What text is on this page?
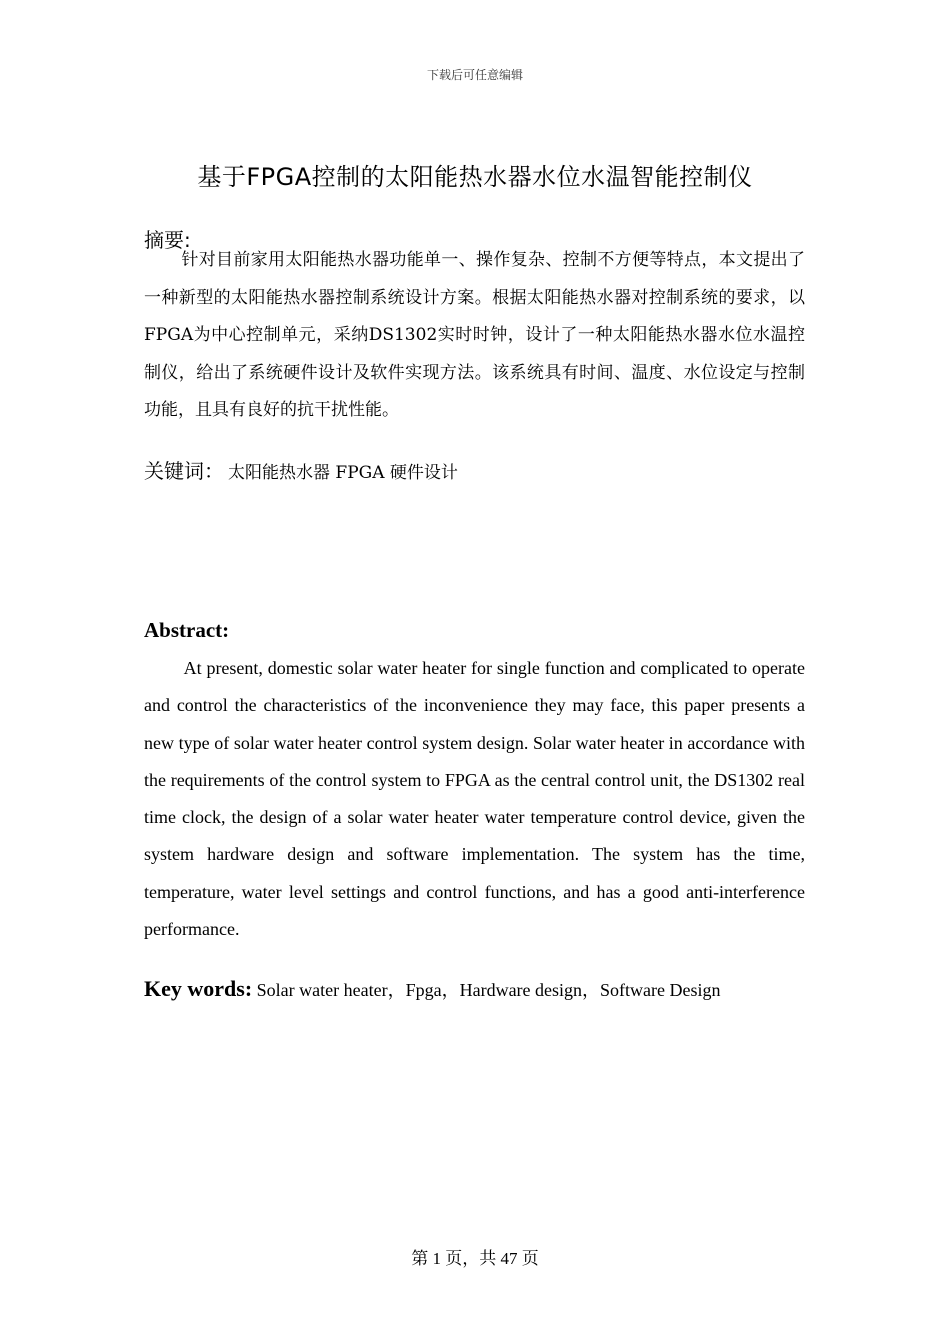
下载后可任意编辑
基于FPGA控制的太阳能热水器水位水温智能控制仪
摘要:

针对目前家用太阳能热水器功能单一、操作复杂、控制不方便等特点，本文提出了一种新型的太阳能热水器控制系统设计方案。根据太阳能热水器对控制系统的要求，以FPGA为中心控制单元，采纳DS1302实时时钟，设计了一种太阳能热水器水位水温控制仪，给出了系统硬件设计及软件实现方法。该系统具有时间、温度、水位设定与控制功能，且具有良好的抗干扰性能。

关键词： 太阳能热水器 FPGA 硬件设计
Abstract:

At present, domestic solar water heater for single function and complicated to operate and control the characteristics of the inconvenience they may face, this paper presents a new type of solar water heater control system design. Solar water heater in accordance with the requirements of the control system to FPGA as the central control unit, the DS1302 real time clock, the design of a solar water heater water temperature control device, given the system hardware design and software implementation. The system has the time, temperature, water level settings and control functions, and has a good anti-interference performance.

Key words: Solar water heater，Fpga，Hardware design，Software Design
第 1 页，共 47 页
